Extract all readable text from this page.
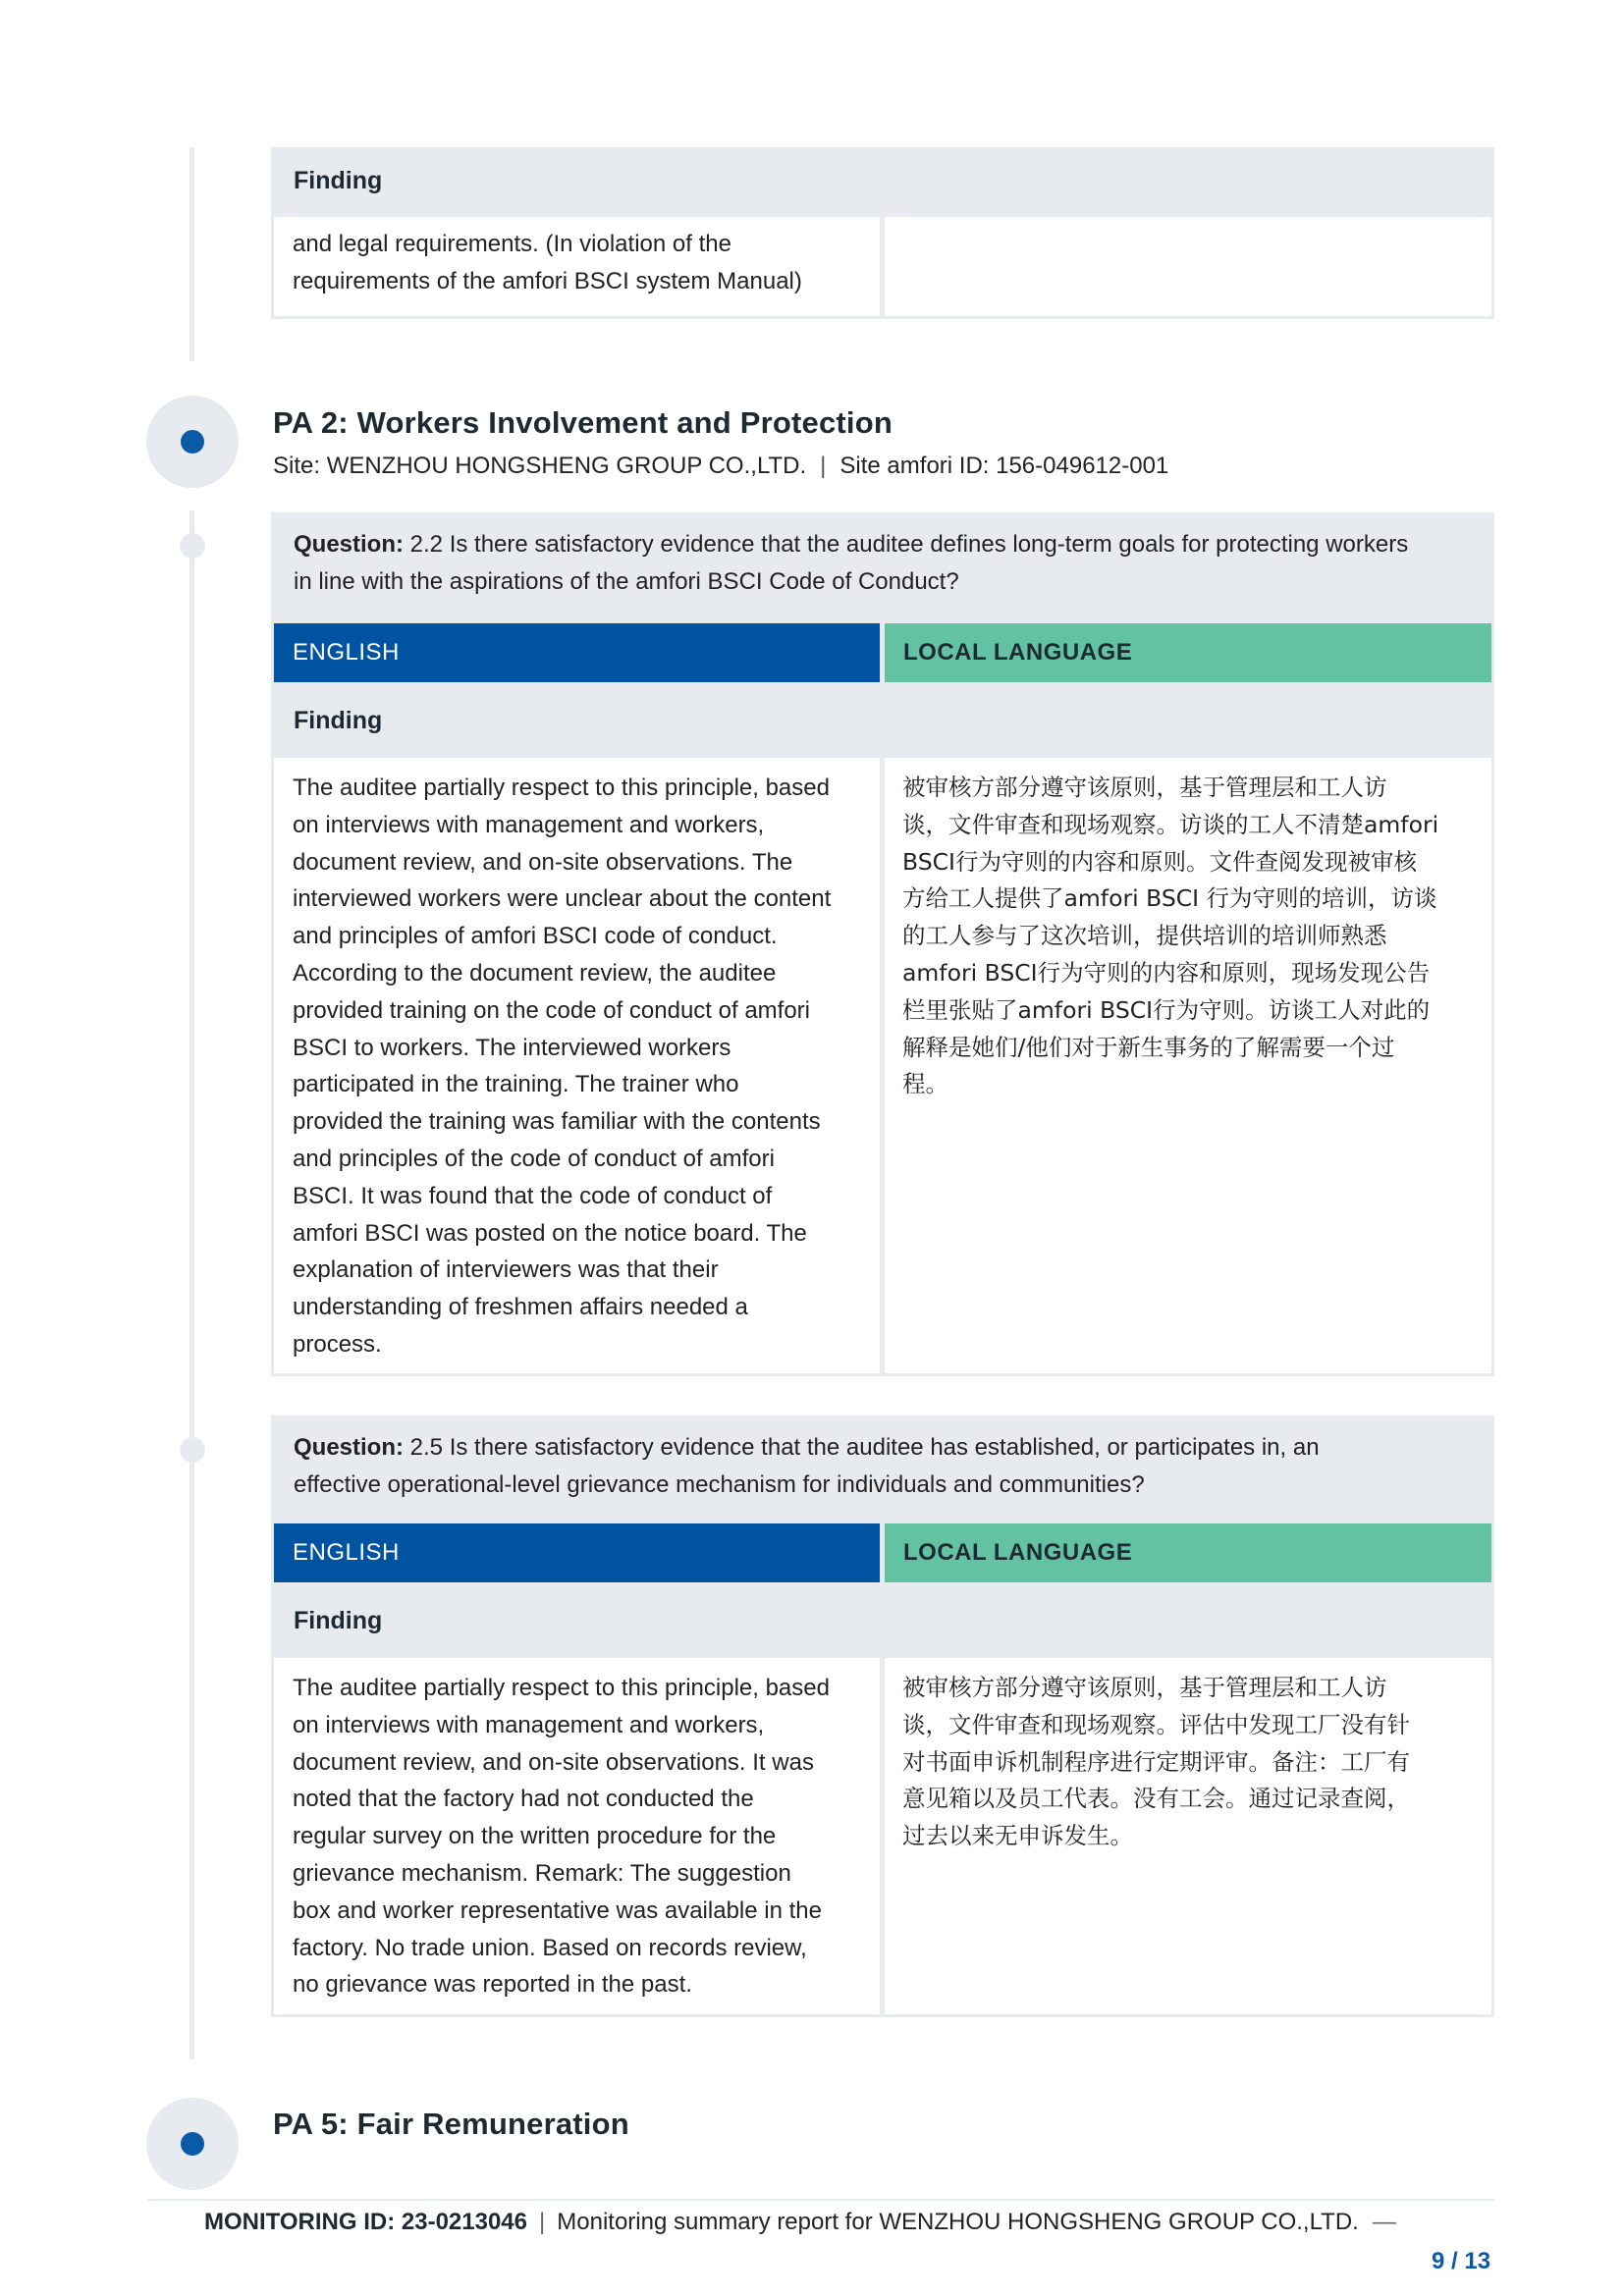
Finding
and legal requirements. (In violation of the
requirements of the amfori BSCI system Manual)
PA 2: Workers Involvement and Protection
Site: WENZHOU HONGSHENG GROUP CO.,LTD. | Site amfori ID: 156-049612-001
Question: 2.2 Is there satisfactory evidence that the auditee defines long-term goals for protecting workers
in line with the aspirations of the amfori BSCI Code of Conduct?
ENGLISH	LOCAL LANGUAGE
Finding
The auditee partially respect to this principle, based
on interviews with management and workers,
document review, and on-site observations. The
interviewed workers were unclear about the content
and principles of amfori BSCI code of conduct.
According to the document review, the auditee
provided training on the code of conduct of amfori
BSCI to workers. The interviewed workers
participated in the training. The trainer who
provided the training was familiar with the contents
and principles of the code of conduct of amfori
BSCI. It was found that the code of conduct of
amfori BSCI was posted on the notice board. The
explanation of interviewers was that their
understanding of freshmen affairs needed a
process.
被审核方部分遵守该原则，基于管理层和工人访
谈，文件审查和现场观察。访谈的工人不清楚amfori
BSCI行为守则的内容和原则。文件查阅发现被审核
方给工人提供了amfori BSCI 行为守则的培训，访谈
的工人参与了这次培训，提供培训的培训师熟悉
amfori BSCI行为守则的内容和原则，现场发现公告
栏里张贴了amfori BSCI行为守则。访谈工人对此的
解释是她们/他们对于新生事务的了解需要一个过
程。
Question: 2.5 Is there satisfactory evidence that the auditee has established, or participates in, an
effective operational-level grievance mechanism for individuals and communities?
ENGLISH	LOCAL LANGUAGE
Finding
The auditee partially respect to this principle, based
on interviews with management and workers,
document review, and on-site observations. It was
noted that the factory had not conducted the
regular survey on the written procedure for the
grievance mechanism. Remark: The suggestion
box and worker representative was available in the
factory. No trade union. Based on records review,
no grievance was reported in the past.
被审核方部分遵守该原则，基于管理层和工人访
谈，文件审查和现场观察。评估中发现工厂没有针
对书面申诉机制程序进行定期评审。备注：工厂有
意见箱以及员工代表。没有工会。通过记录查阅，
过去以来无申诉发生。
PA 5: Fair Remuneration
MONITORING ID: 23-0213046 | Monitoring summary report for WENZHOU HONGSHENG GROUP CO.,LTD. —
9 / 13
